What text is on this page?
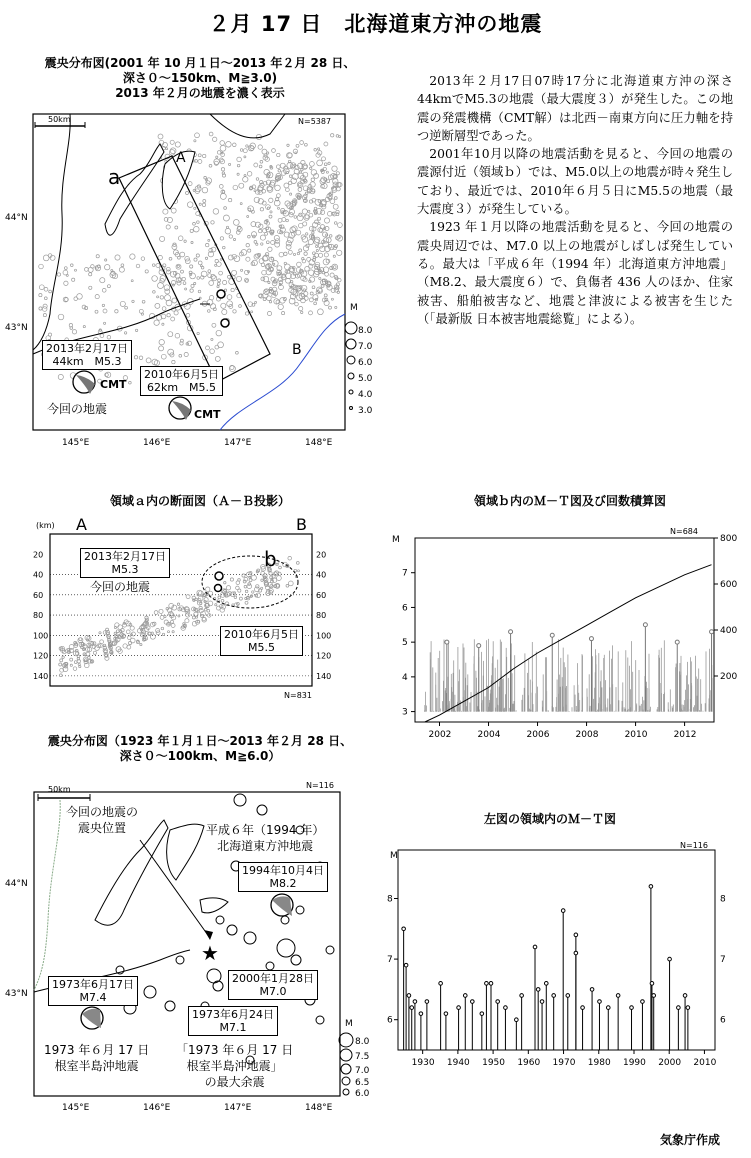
２月 17 日　北海道東方沖の地震
震央分布図(2001 年 10 月１日～2013 年２月 28 日、
深さ０～150km、M≧3.0)
2013 年２月の地震を濃く表示
50km	N=5387
a
A
B
44°N
43°N
145°E	146°E	147°E	148°E
M
8.0
7.0
6.0
5.0
4.0
3.0
2013年2月17日
44km　M5.3
CMT
2010年6月5日
62km　M5.5
CMT
今回の地震

2013年２月17日07時17分に北海道東方沖の深さ44kmでM5.3の地震（最大震度３）が発生した。この地震の発震機構（CMT解）は北西－南東方向に圧力軸を持つ逆断層型であった。

2001年10月以降の地震活動を見ると、今回の地震の震源付近（領域ｂ）では、M5.0以上の地震が時々発生しており、最近では、2010年６月５日にM5.5の地震（最大震度３）が発生している。

1923 年１月以降の地震活動を見ると、今回の地震の震央周辺では、M7.0 以上の地震がしばしば発生している。最大は「平成６年（1994 年）北海道東方沖地震」（M8.2、最大震度６）で、負傷者 436 人のほか、住家被害、船舶被害など、地震と津波による被害を生じた（「最新版 日本被害地震総覧」による）。

領域ａ内の断面図（Ａ－Ｂ投影）
20	20
40	40
60	60
80	80
100	100
120	120
140	140
(km) A	B
b
N=831
2013年2月17日
M5.3
今回の地震
2010年6月5日
M5.5
領域ｂ内のＭ－Ｔ図及び回数積算図
M
N=684
2002	2004	2006	2008	2010	2012
3
4
5
6
7
200
400
600
800
震央分布図（1923 年１月１日～2013 年２月 28 日、
深さ０～100km、M≧6.0）
★
50km	N=116
44°N
43°N
145°E	146°E	147°E	148°E
M
8.0
7.5
7.0
6.5
6.0
今回の地震の
震央位置	平成６年（1994 年）
北海道東方沖地震
1994年10月4日
M8.2
2000年1月28日
M7.0
1973年6月17日
M7.4
1973年6月24日
M7.1
1973 年６月 17 日
根室半島沖地震
「1973 年６月 17 日
根室半島沖地震」
の最大余震
左図の領域内のＭ－Ｔ図
M
N=116
1930 1940 1950 1960 1970 1980 1990 2000 2010
6	6
7	7
8	8
気象庁作成
